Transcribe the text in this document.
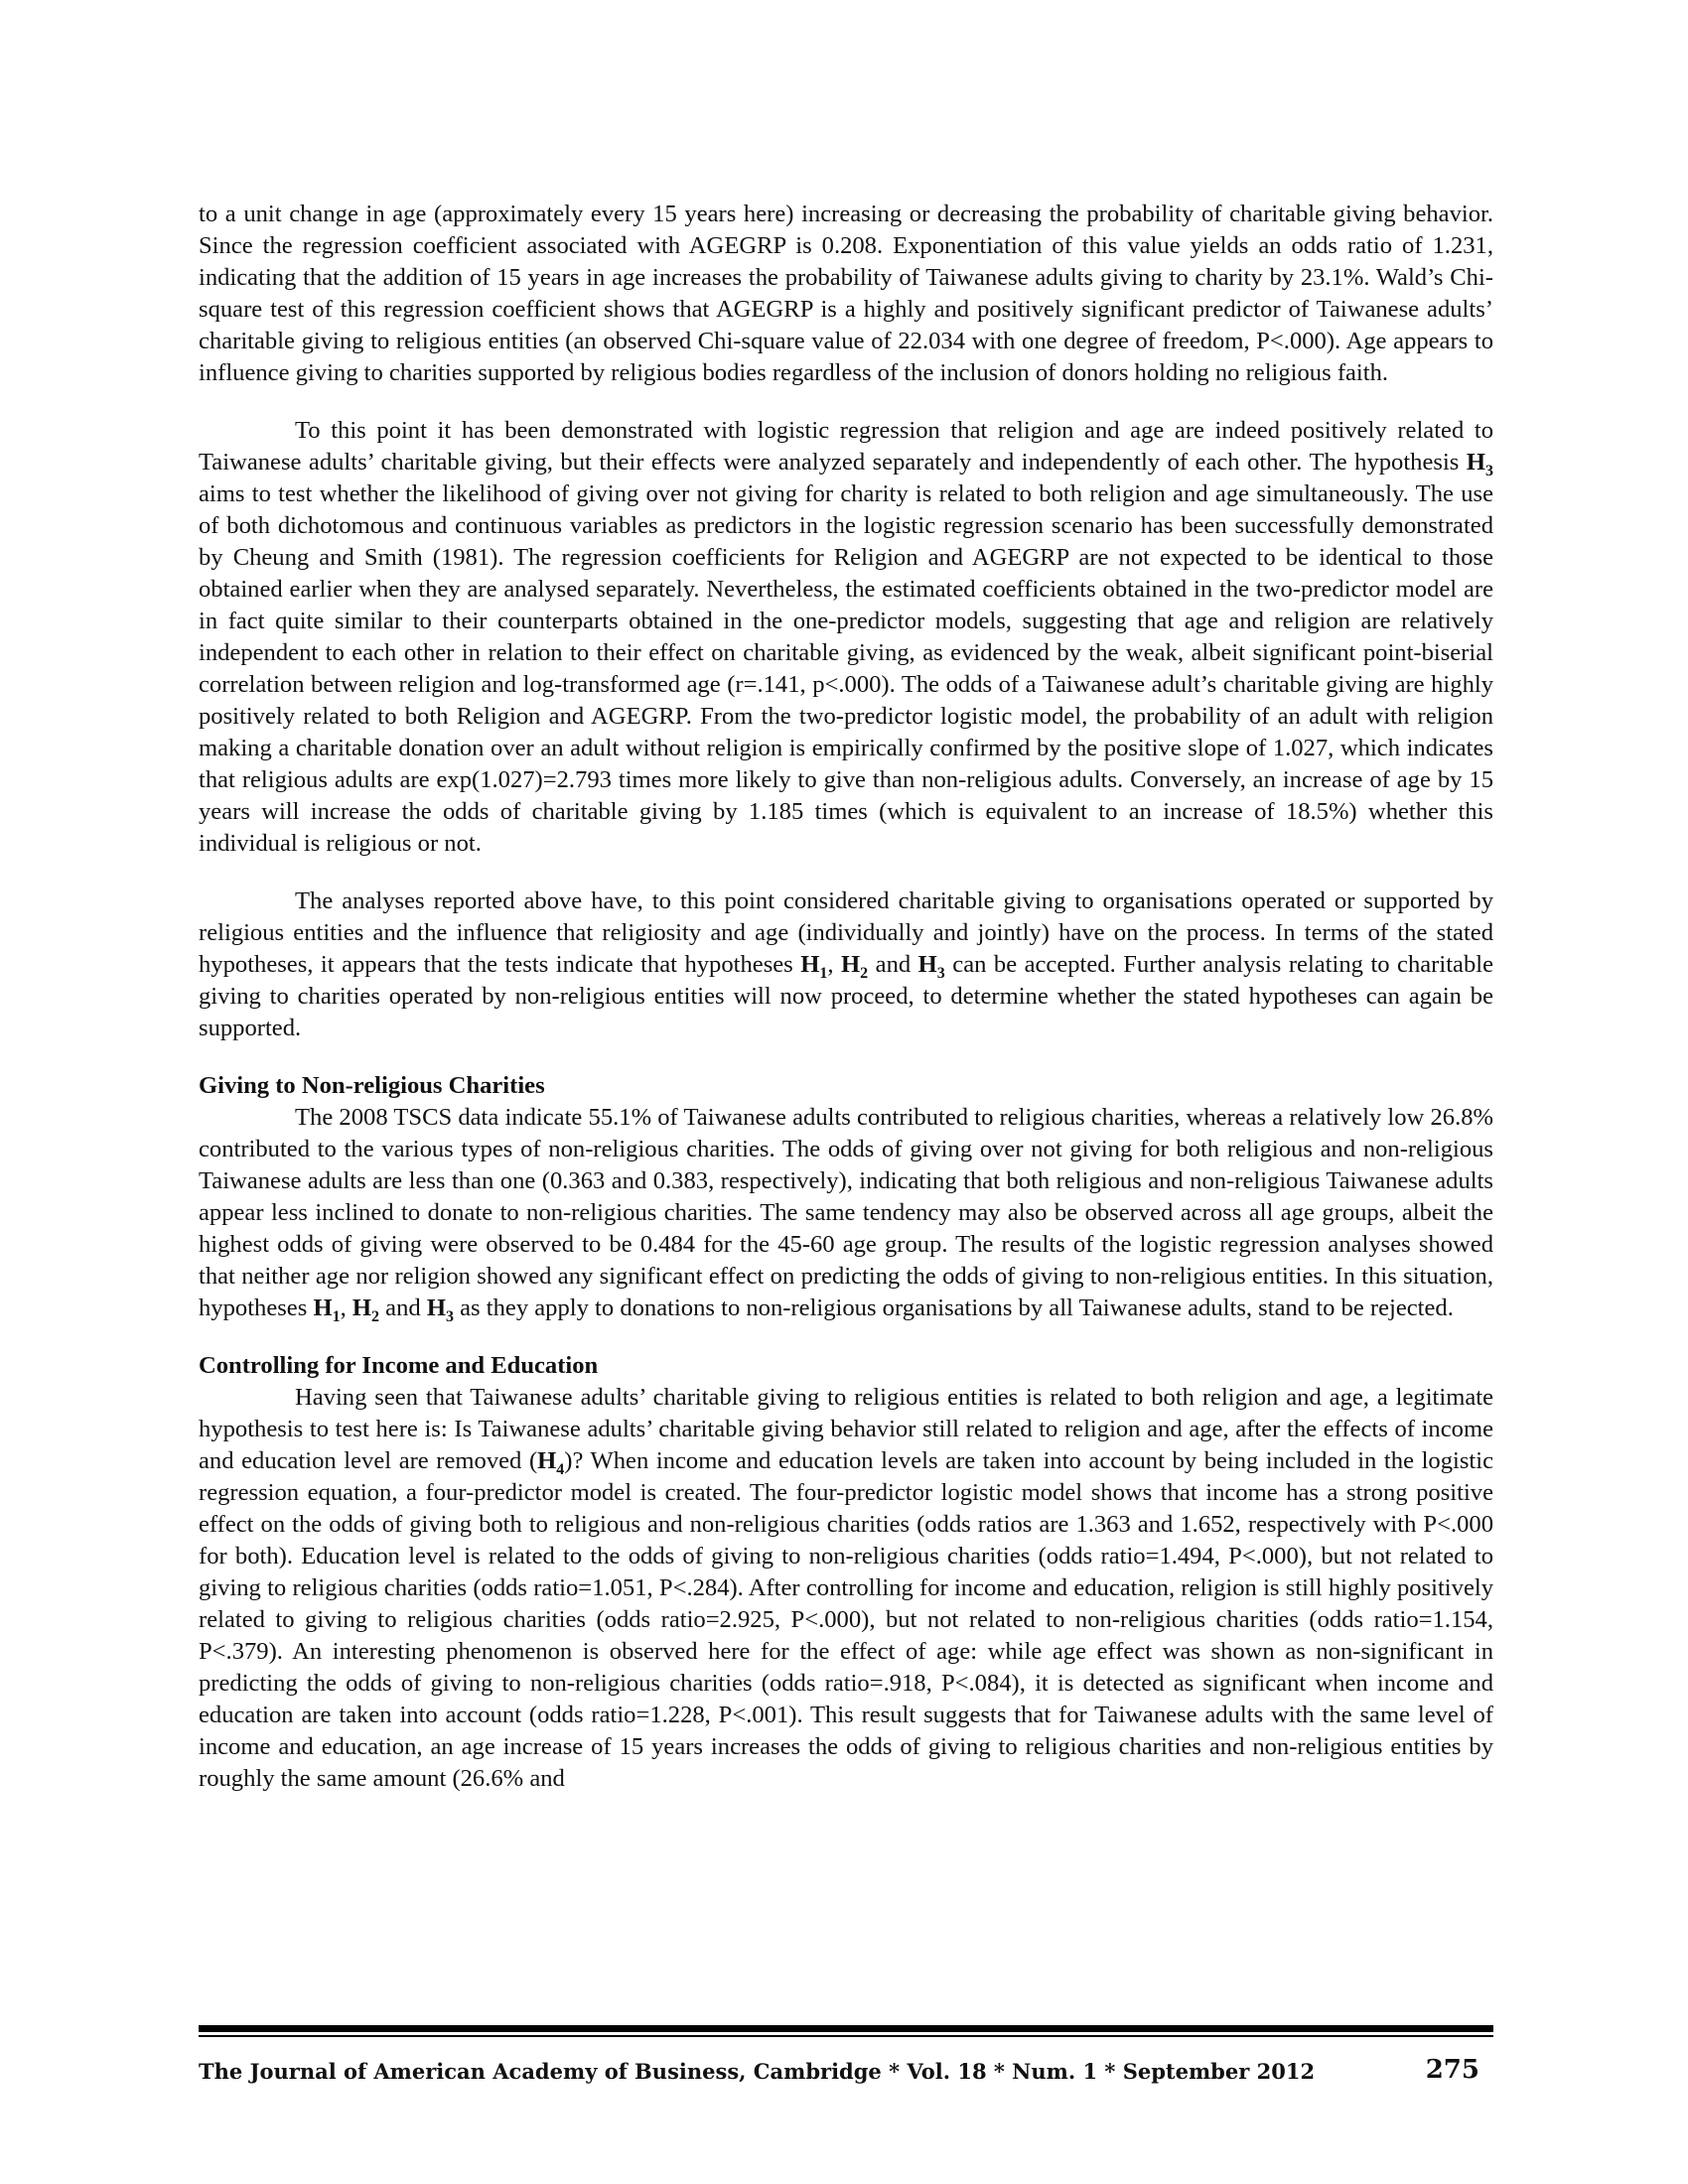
to a unit change in age (approximately every 15 years here) increasing or decreasing the probability of charitable giving behavior. Since the regression coefficient associated with AGEGRP is 0.208. Exponentiation of this value yields an odds ratio of 1.231, indicating that the addition of 15 years in age increases the probability of Taiwanese adults giving to charity by 23.1%. Wald’s Chi-square test of this regression coefficient shows that AGEGRP is a highly and positively significant predictor of Taiwanese adults’ charitable giving to religious entities (an observed Chi-square value of 22.034 with one degree of freedom, P<.000). Age appears to influence giving to charities supported by religious bodies regardless of the inclusion of donors holding no religious faith.

To this point it has been demonstrated with logistic regression that religion and age are indeed positively related to Taiwanese adults’ charitable giving, but their effects were analyzed separately and independently of each other. The hypothesis $H_3$ aims to test whether the likelihood of giving over not giving for charity is related to both religion and age simultaneously. The use of both dichotomous and continuous variables as predictors in the logistic regression scenario has been successfully demonstrated by Cheung and Smith (1981). The regression coefficients for Religion and AGEGRP are not expected to be identical to those obtained earlier when they are analysed separately. Nevertheless, the estimated coefficients obtained in the two-predictor model are in fact quite similar to their counterparts obtained in the one-predictor models, suggesting that age and religion are relatively independent to each other in relation to their effect on charitable giving, as evidenced by the weak, albeit significant point-biserial correlation between religion and log-transformed age (r=.141, p<.000). The odds of a Taiwanese adult’s charitable giving are highly positively related to both Religion and AGEGRP. From the two-predictor logistic model, the probability of an adult with religion making a charitable donation over an adult without religion is empirically confirmed by the positive slope of 1.027, which indicates that religious adults are exp(1.027)=2.793 times more likely to give than non-religious adults. Conversely, an increase of age by 15 years will increase the odds of charitable giving by 1.185 times (which is equivalent to an increase of 18.5%) whether this individual is religious or not.

The analyses reported above have, to this point considered charitable giving to organisations operated or supported by religious entities and the influence that religiosity and age (individually and jointly) have on the process. In terms of the stated hypotheses, it appears that the tests indicate that hypotheses $H_1$, $H_2$ and $H_3$ can be accepted. Further analysis relating to charitable giving to charities operated by non-religious entities will now proceed, to determine whether the stated hypotheses can again be supported.

Giving to Non-religious Charities

The 2008 TSCS data indicate 55.1% of Taiwanese adults contributed to religious charities, whereas a relatively low 26.8% contributed to the various types of non-religious charities. The odds of giving over not giving for both religious and non-religious Taiwanese adults are less than one (0.363 and 0.383, respectively), indicating that both religious and non-religious Taiwanese adults appear less inclined to donate to non-religious charities. The same tendency may also be observed across all age groups, albeit the highest odds of giving were observed to be 0.484 for the 45-60 age group. The results of the logistic regression analyses showed that neither age nor religion showed any significant effect on predicting the odds of giving to non-religious entities. In this situation, hypotheses $H_1$, $H_2$ and $H_3$ as they apply to donations to non-religious organisations by all Taiwanese adults, stand to be rejected.

Controlling for Income and Education

Having seen that Taiwanese adults’ charitable giving to religious entities is related to both religion and age, a legitimate hypothesis to test here is: Is Taiwanese adults’ charitable giving behavior still related to religion and age, after the effects of income and education level are removed $(H_4)$? When income and education levels are taken into account by being included in the logistic regression equation, a four-predictor model is created. The four-predictor logistic model shows that income has a strong positive effect on the odds of giving both to religious and non-religious charities (odds ratios are 1.363 and 1.652, respectively with P<.000 for both). Education level is related to the odds of giving to non-religious charities (odds ratio=1.494, P<.000), but not related to giving to religious charities (odds ratio=1.051, P<.284). After controlling for income and education, religion is still highly positively related to giving to religious charities (odds ratio=2.925, P<.000), but not related to non-religious charities (odds ratio=1.154, P<.379). An interesting phenomenon is observed here for the effect of age: while age effect was shown as non-significant in predicting the odds of giving to non-religious charities (odds ratio=.918, P<.084), it is detected as significant when income and education are taken into account (odds ratio=1.228, P<.001). This result suggests that for Taiwanese adults with the same level of income and education, an age increase of 15 years increases the odds of giving to religious charities and non-religious entities by roughly the same amount (26.6% and

The Journal of American Academy of Business, Cambridge * Vol. 18 * Num. 1 * September 2012	275
